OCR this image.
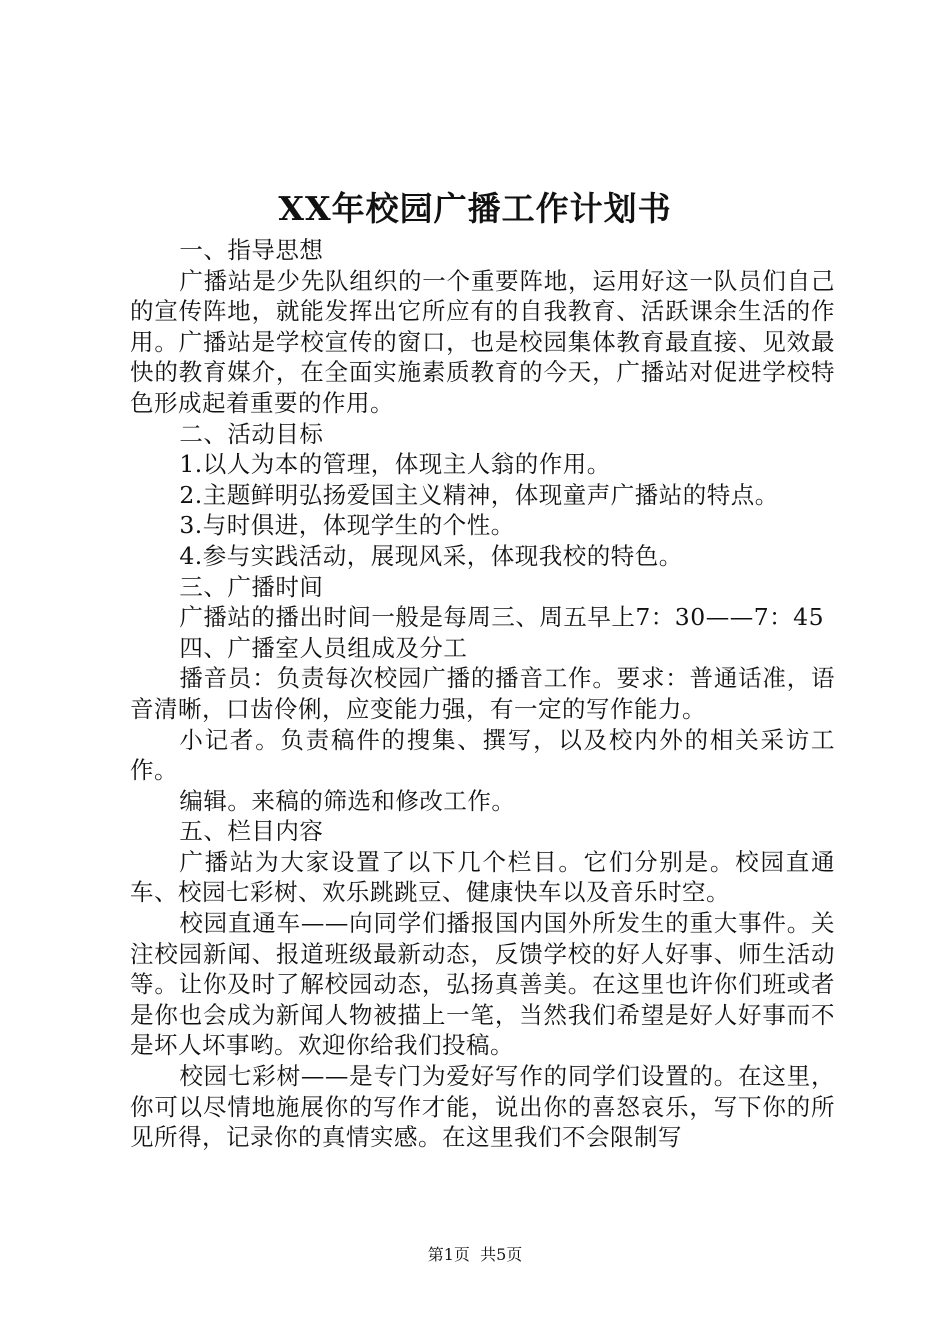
XX年校园广播工作计划书

一、指导思想

广播站是少先队组织的一个重要阵地，运用好这一队员们自己的宣传阵地，就能发挥出它所应有的自我教育、活跃课余生活的作用。广播站是学校宣传的窗口，也是校园集体教育最直接、见效最快的教育媒介，在全面实施素质教育的今天，广播站对促进学校特色形成起着重要的作用。

二、活动目标

1.以人为本的管理，体现主人翁的作用。

2.主题鲜明弘扬爱国主义精神，体现童声广播站的特点。

3.与时俱进，体现学生的个性。

4.参与实践活动，展现风采，体现我校的特色。

三、广播时间

广播站的播出时间一般是每周三、周五早上7：30——7：45

四、广播室人员组成及分工

播音员：负责每次校园广播的播音工作。要求：普通话准，语音清晰，口齿伶俐，应变能力强，有一定的写作能力。

小记者。负责稿件的搜集、撰写，以及校内外的相关采访工作。

编辑。来稿的筛选和修改工作。

五、栏目内容

广播站为大家设置了以下几个栏目。它们分别是。校园直通车、校园七彩树、欢乐跳跳豆、健康快车以及音乐时空。

校园直通车——向同学们播报国内国外所发生的重大事件。关注校园新闻、报道班级最新动态，反馈学校的好人好事、师生活动等。让你及时了解校园动态，弘扬真善美。在这里也许你们班或者是你也会成为新闻人物被描上一笔，当然我们希望是好人好事而不是坏人坏事哟。欢迎你给我们投稿。

校园七彩树——是专门为爱好写作的同学们设置的。在这里，你可以尽情地施展你的写作才能，说出你的喜怒哀乐，写下你的所见所得，记录你的真情实感。在这里我们不会限制写

第1页 共5页
